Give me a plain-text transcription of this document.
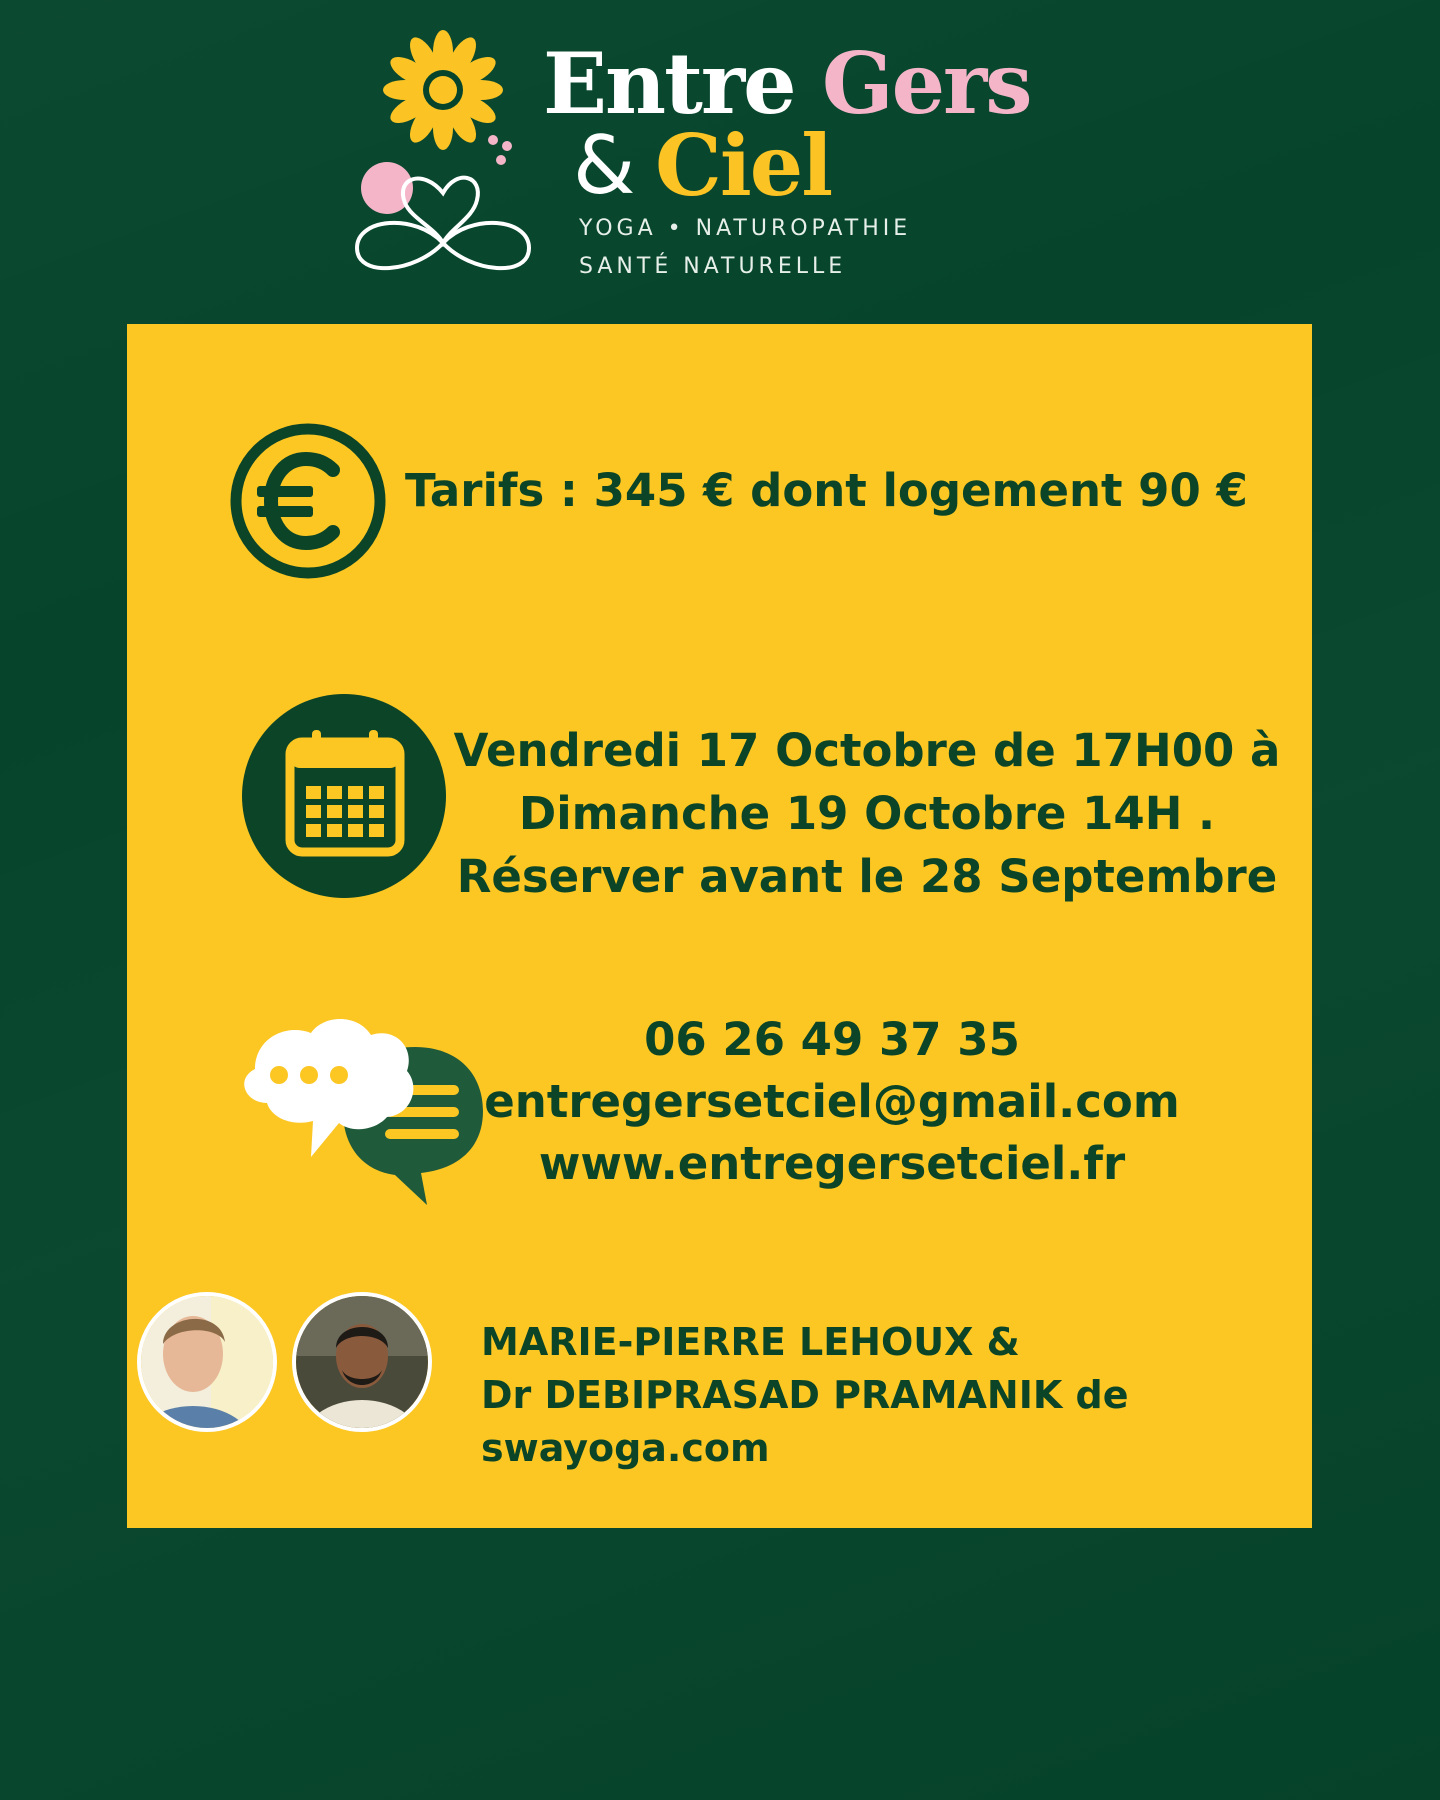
Entre Gers
& Ciel
YOGA • NATUROPATHIE
SANTÉ NATURELLE
Tarifs : 345 € dont logement 90 €
Vendredi 17 Octobre de 17H00 à
Dimanche 19 Octobre 14H .
Réserver avant le 28 Septembre
06 26 49 37 35
entregersetciel@gmail.com
www.entregersetciel.fr
MARIE-PIERRE LEHOUX &
Dr DEBIPRASAD PRAMANIK de
swayoga.com
